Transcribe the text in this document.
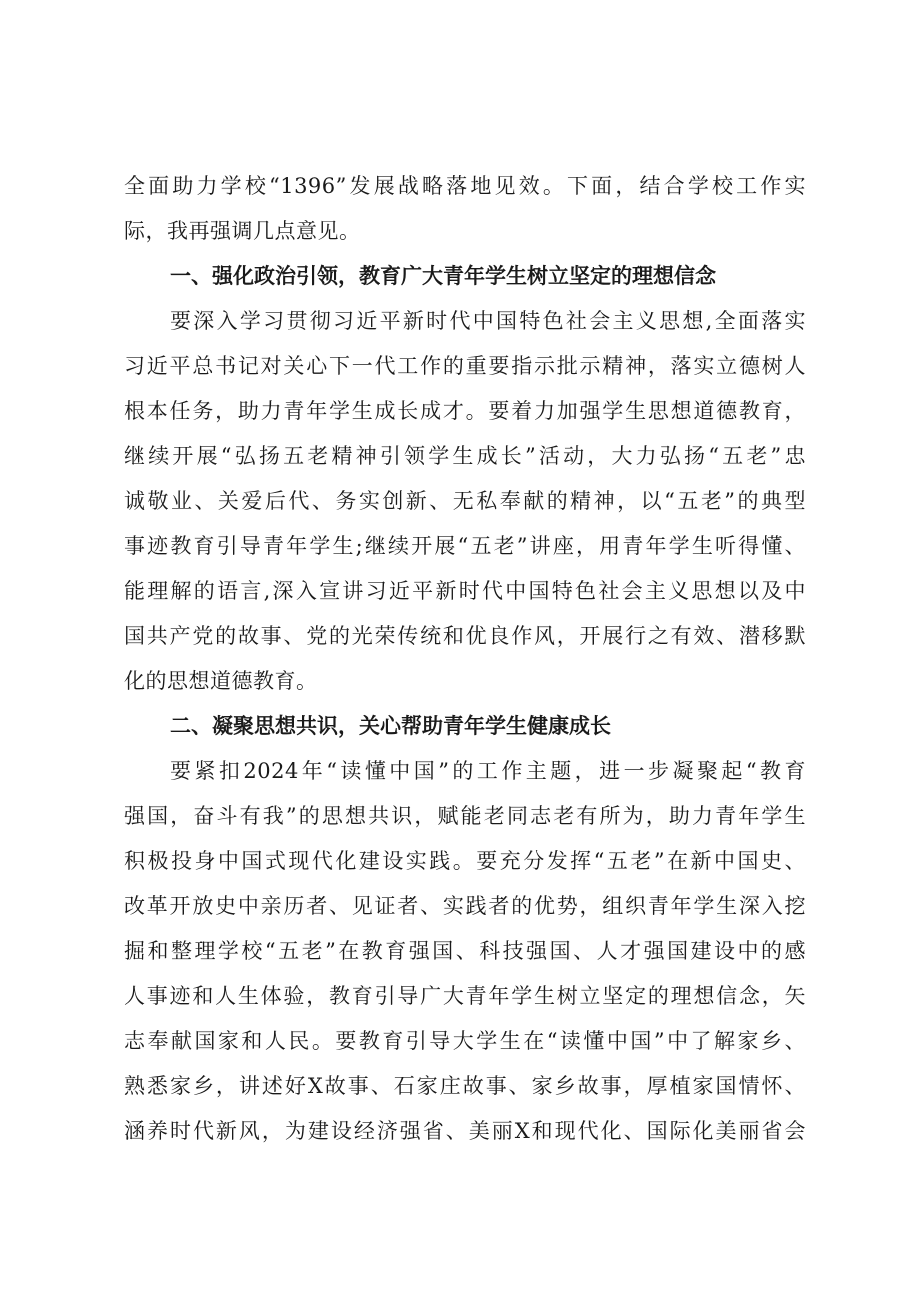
全面助力学校“1396”发展战略落地见效。下面，结合学校工作实
际，我再强调几点意见。
一、强化政治引领，教育广大青年学生树立坚定的理想信念
要深入学习贯彻习近平新时代中国特色社会主义思想,全面落实
习近平总书记对关心下一代工作的重要指示批示精神，落实立德树人
根本任务，助力青年学生成长成才。要着力加强学生思想道德教育，
继续开展“弘扬五老精神引领学生成长”活动，大力弘扬“五老”忠
诚敬业、关爱后代、务实创新、无私奉献的精神，以“五老”的典型
事迹教育引导青年学生;继续开展“五老”讲座，用青年学生听得懂、
能理解的语言,深入宣讲习近平新时代中国特色社会主义思想以及中
国共产党的故事、党的光荣传统和优良作风，开展行之有效、潜移默
化的思想道德教育。
二、凝聚思想共识，关心帮助青年学生健康成长
要紧扣2024年“读懂中国”的工作主题，进一步凝聚起“教育
强国，奋斗有我”的思想共识，赋能老同志老有所为，助力青年学生
积极投身中国式现代化建设实践。要充分发挥“五老”在新中国史、
改革开放史中亲历者、见证者、实践者的优势，组织青年学生深入挖
掘和整理学校“五老”在教育强国、科技强国、人才强国建设中的感
人事迹和人生体验，教育引导广大青年学生树立坚定的理想信念，矢
志奉献国家和人民。要教育引导大学生在“读懂中国”中了解家乡、
熟悉家乡，讲述好X故事、石家庄故事、家乡故事，厚植家国情怀、
涵养时代新风，为建设经济强省、美丽X和现代化、国际化美丽省会
